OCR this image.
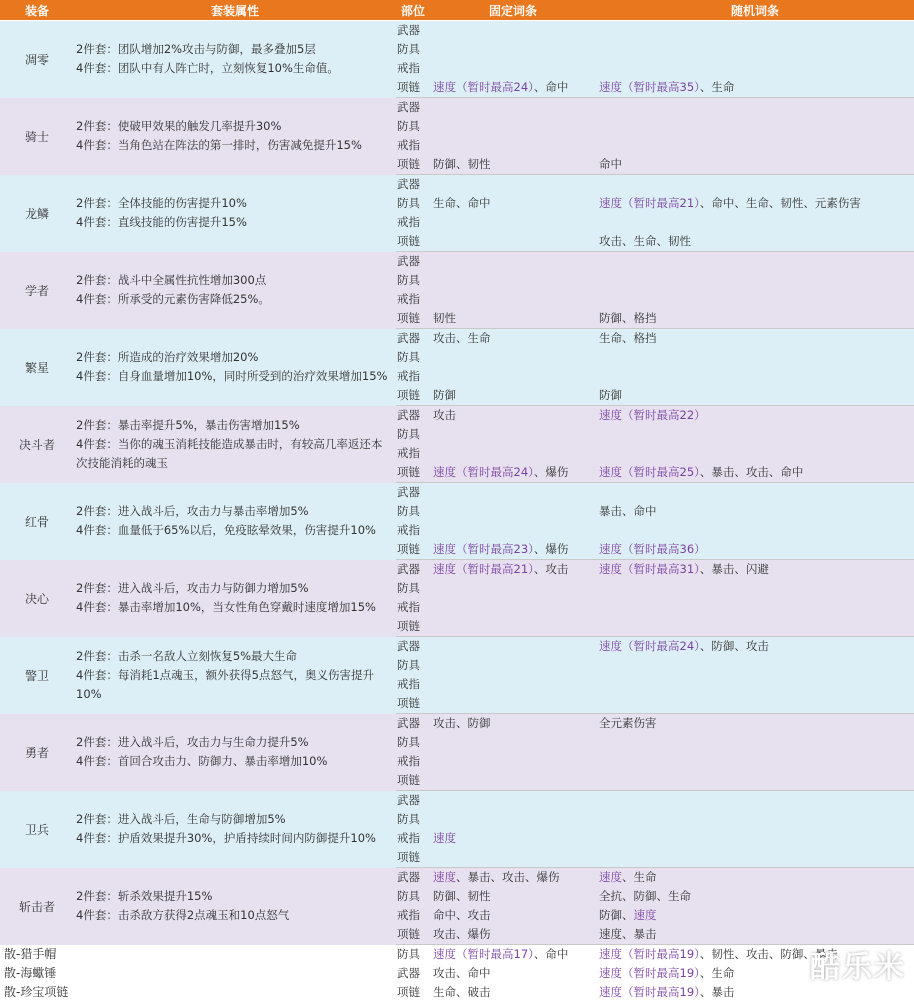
装备	套装属性	部位	固定词条	随机词条
凋零	2件套：团队增加2%攻击与防御，最多叠加5层
4件套：团队中有人阵亡时，立刻恢复10%生命值。	武器		
		防具		
		戒指		
		项链	速度（暂时最高24）、命中	速度（暂时最高35）、生命
骑士	2件套：使破甲效果的触发几率提升30%
4件套：当角色站在阵法的第一排时，伤害减免提升15%	武器		
		防具		
		戒指		
		项链	防御、韧性	命中
龙鳞	2件套：全体技能的伤害提升10%
4件套：直线技能的伤害提升15%	武器		
		防具	生命、命中	速度（暂时最高21）、命中、生命、韧性、元素伤害
		戒指		
		项链		攻击、生命、韧性
学者	2件套：战斗中全属性抗性增加300点
4件套：所承受的元素伤害降低25%。	武器		
		防具		
		戒指		
		项链	韧性	防御、格挡
繁星	2件套：所造成的治疗效果增加20%
4件套：自身血量增加10%，同时所受到的治疗效果增加15%	武器	攻击、生命	生命、格挡
		防具		
		戒指		
		项链	防御	防御
决斗者	2件套：暴击率提升5%，暴击伤害增加15%
4件套：当你的魂玉消耗技能造成暴击时，有较高几率返还本次技能消耗的魂玉	武器	攻击	速度（暂时最高22）
		防具		
		戒指		
		项链	速度（暂时最高24）、爆伤	速度（暂时最高25）、暴击、攻击、命中
红骨	2件套：进入战斗后，攻击力与暴击率增加5%
4件套：血量低于65%以后，免疫眩晕效果，伤害提升10%	武器		
		防具		暴击、命中
		戒指		
		项链	速度（暂时最高23）、爆伤	速度（暂时最高36）
决心	2件套：进入战斗后，攻击力与防御力增加5%
4件套：暴击率增加10%，当女性角色穿戴时速度增加15%	武器	速度（暂时最高21）、攻击	速度（暂时最高31）、暴击、闪避
		防具		
		戒指		
		项链		
警卫	2件套：击杀一名敌人立刻恢复5%最大生命
4件套：每消耗1点魂玉，额外获得5点怒气，奥义伤害提升10%	武器		速度（暂时最高24）、防御、攻击
		防具		
		戒指		
		项链		
勇者	2件套：进入战斗后，攻击力与生命力提升5%
4件套：首回合攻击力、防御力、暴击率增加10%	武器	攻击、防御	全元素伤害
		防具		
		戒指		
		项链		
卫兵	2件套：进入战斗后，生命与防御增加5%
4件套：护盾效果提升30%，护盾持续时间内防御提升10%	武器		
		防具		
		戒指	速度	
		项链		
斩击者	2件套：斩杀效果提升15%
4件套：击杀敌方获得2点魂玉和10点怒气	武器	速度、暴击、攻击、爆伤	速度、生命
		防具	防御、韧性	全抗、防御、生命
		戒指	命中、攻击	防御、速度
		项链	攻击、爆伤	速度、暴击
散-猎手帽		防具	速度（暂时最高17）、命中	速度（暂时最高19）、韧性、攻击、防御、暴击
散-海蠍锤		武器	攻击、命中	速度（暂时最高19）、生命
散-珍宝项链		项链	生命、破击	速度（暂时最高19）、暴击
酷乐米
